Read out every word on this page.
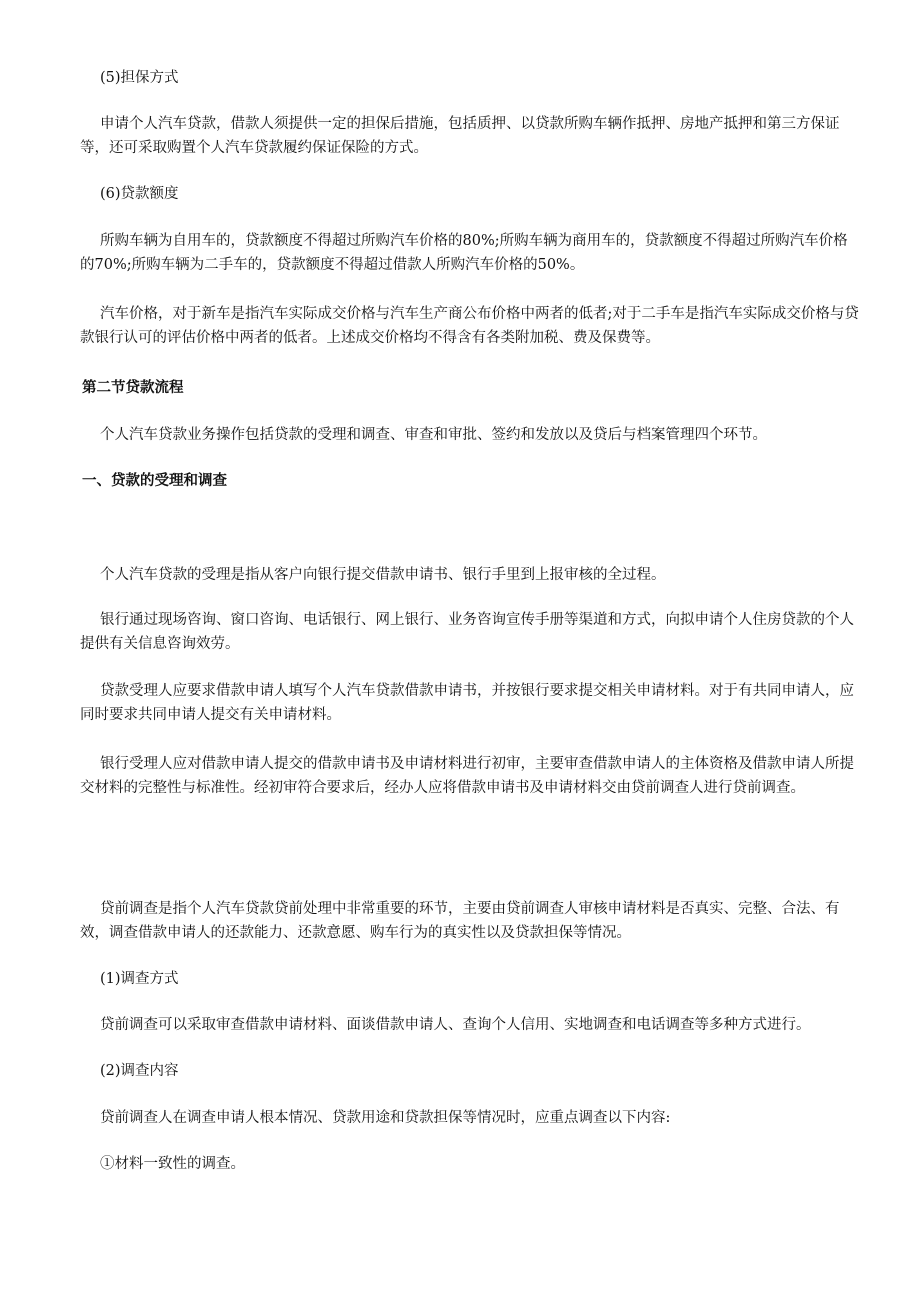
(5)担保方式

申请个人汽车贷款，借款人须提供一定的担保后措施，包括质押、以贷款所购车辆作抵押、房地产抵押和第三方保证等，还可采取购置个人汽车贷款履约保证保险的方式。

(6)贷款额度

所购车辆为自用车的，贷款额度不得超过所购汽车价格的80%;所购车辆为商用车的，贷款额度不得超过所购汽车价格的70%;所购车辆为二手车的，贷款额度不得超过借款人所购汽车价格的50%。

汽车价格，对于新车是指汽车实际成交价格与汽车生产商公布价格中两者的低者;对于二手车是指汽车实际成交价格与贷款银行认可的评估价格中两者的低者。上述成交价格均不得含有各类附加税、费及保费等。

第二节贷款流程

个人汽车贷款业务操作包括贷款的受理和调查、审查和审批、签约和发放以及贷后与档案管理四个环节。

一、贷款的受理和调查

个人汽车贷款的受理是指从客户向银行提交借款申请书、银行手里到上报审核的全过程。

银行通过现场咨询、窗口咨询、电话银行、网上银行、业务咨询宣传手册等渠道和方式，向拟申请个人住房贷款的个人提供有关信息咨询效劳。

贷款受理人应要求借款申请人填写个人汽车贷款借款申请书，并按银行要求提交相关申请材料。对于有共同申请人，应同时要求共同申请人提交有关申请材料。

银行受理人应对借款申请人提交的借款申请书及申请材料进行初审，主要审查借款申请人的主体资格及借款申请人所提交材料的完整性与标准性。经初审符合要求后，经办人应将借款申请书及申请材料交由贷前调查人进行贷前调查。

贷前调查是指个人汽车贷款贷前处理中非常重要的环节，主要由贷前调查人审核申请材料是否真实、完整、合法、有效，调查借款申请人的还款能力、还款意愿、购车行为的真实性以及贷款担保等情况。

(1)调查方式

贷前调查可以采取审查借款申请材料、面谈借款申请人、查询个人信用、实地调查和电话调查等多种方式进行。

(2)调查内容

贷前调查人在调查申请人根本情况、贷款用途和贷款担保等情况时，应重点调查以下内容:

①材料一致性的调查。
